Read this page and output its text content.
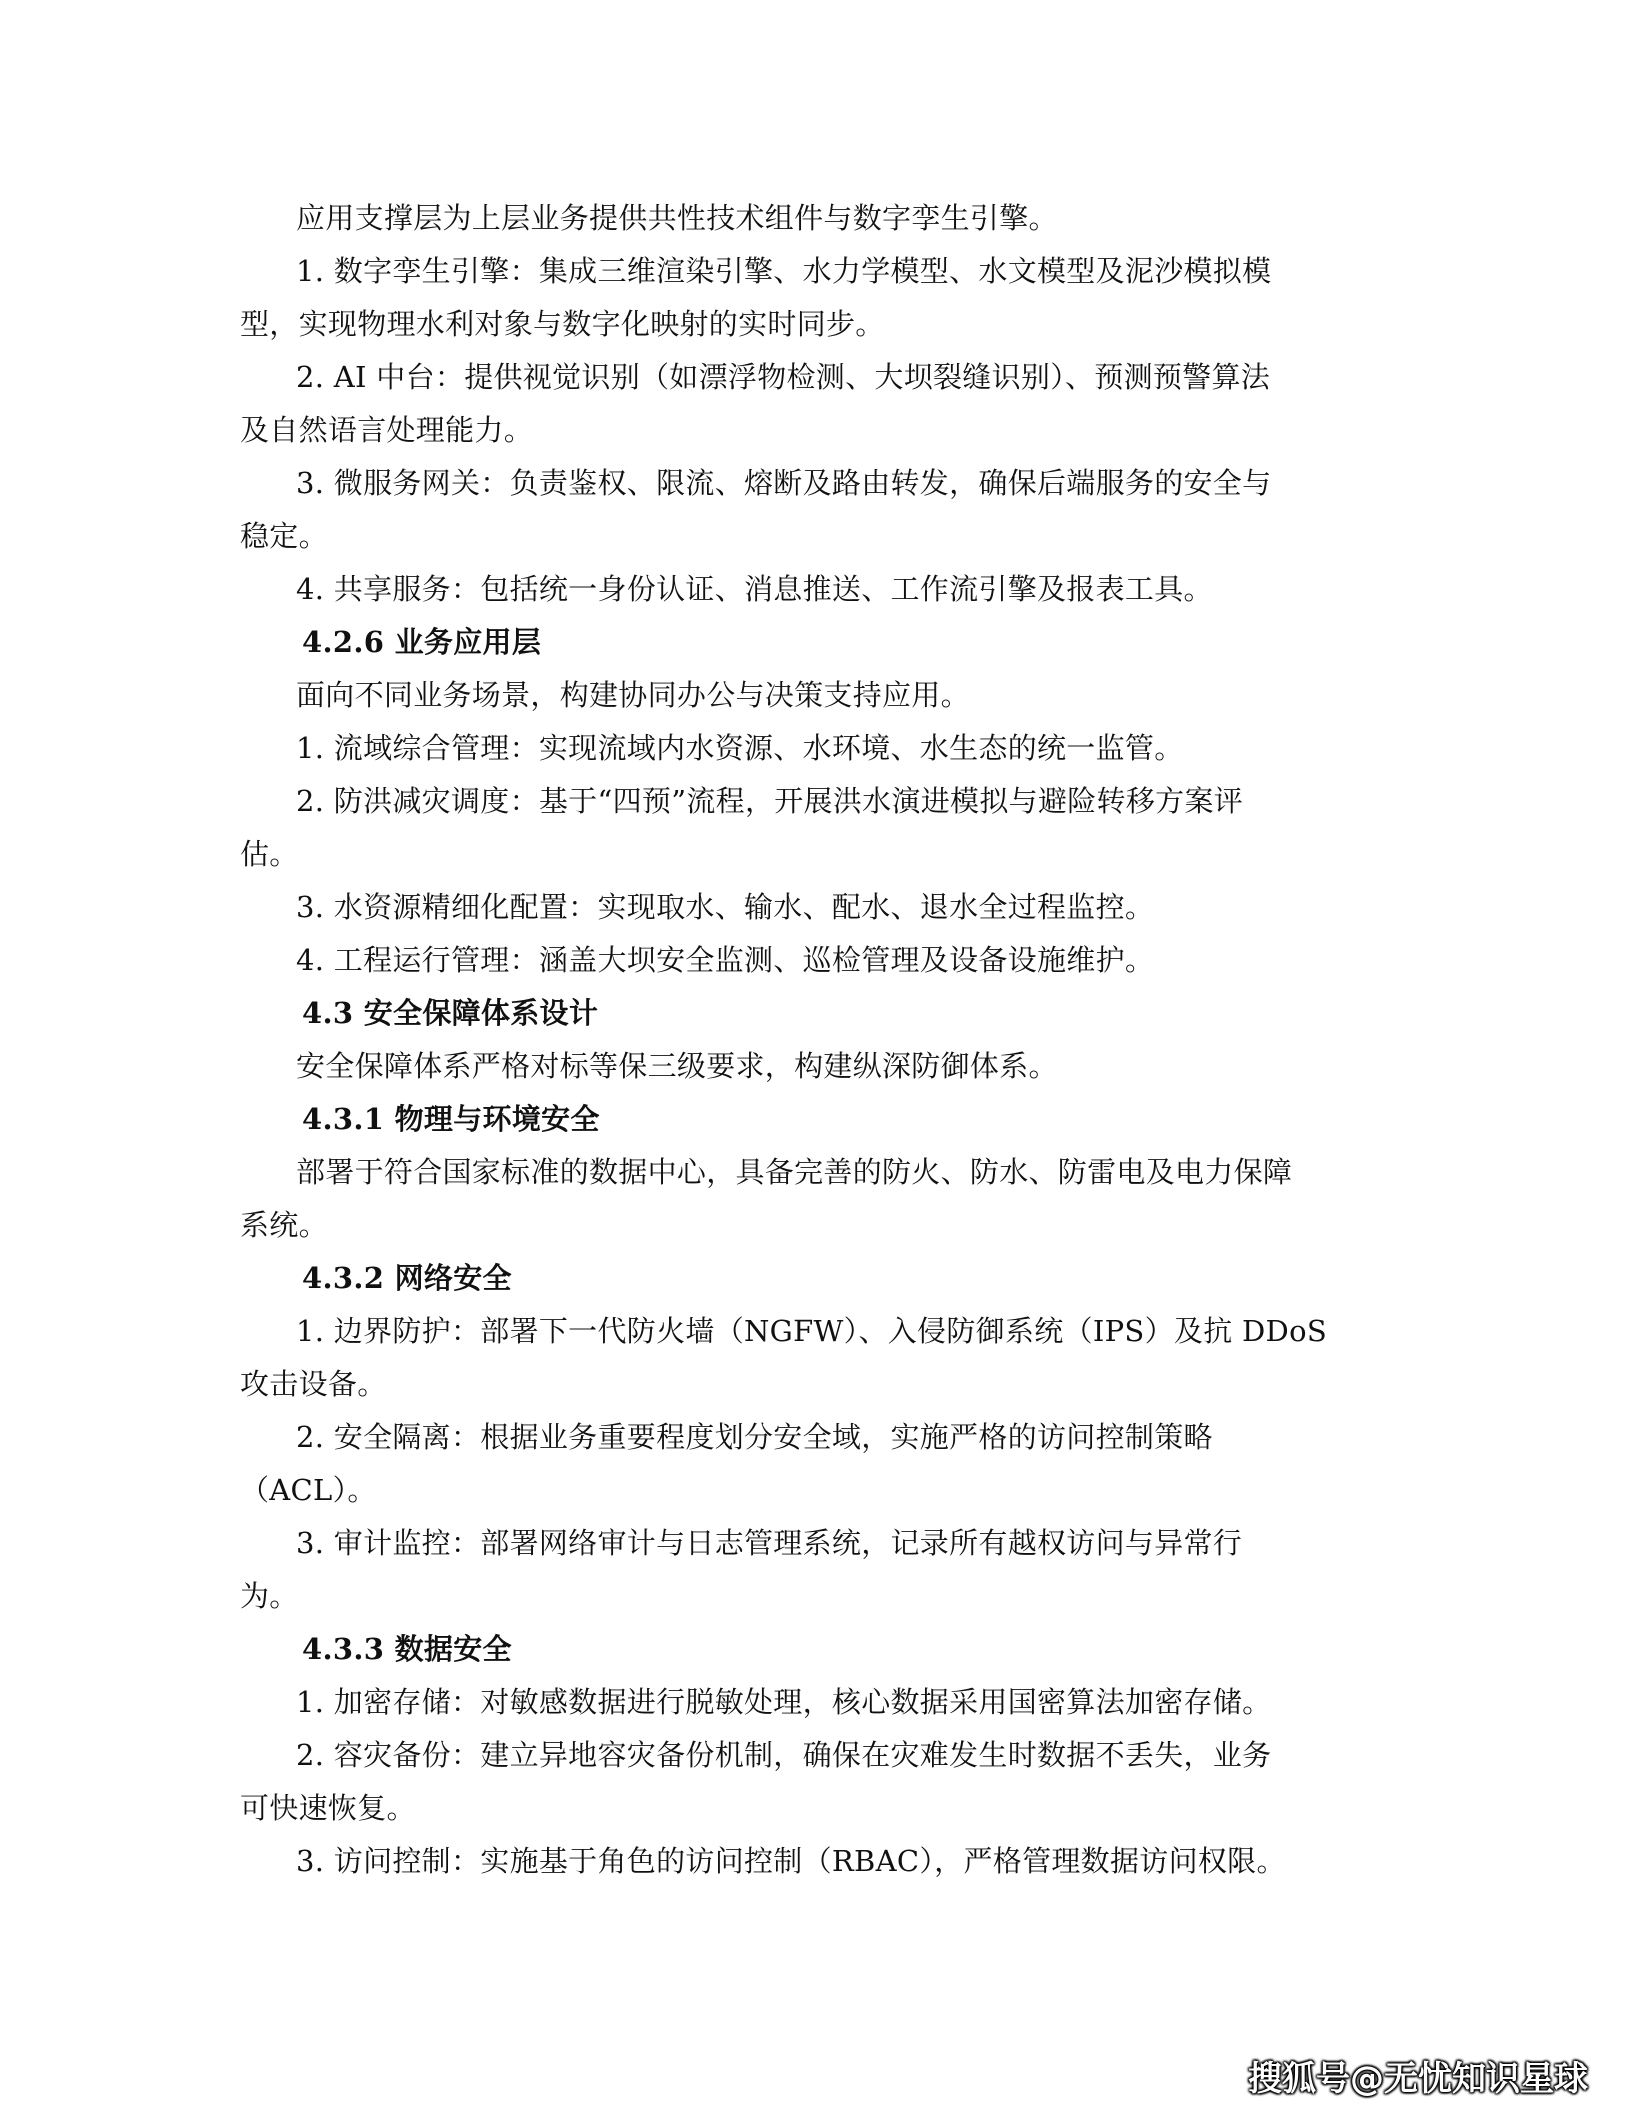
应用支撑层为上层业务提供共性技术组件与数字孪生引擎。
1. 数字孪生引擎：集成三维渲染引擎、水力学模型、水文模型及泥沙模拟模
型，实现物理水利对象与数字化映射的实时同步。
2. AI 中台：提供视觉识别（如漂浮物检测、大坝裂缝识别）、预测预警算法
及自然语言处理能力。
3. 微服务网关：负责鉴权、限流、熔断及路由转发，确保后端服务的安全与
稳定。
4. 共享服务：包括统一身份认证、消息推送、工作流引擎及报表工具。
4.2.6 业务应用层
面向不同业务场景，构建协同办公与决策支持应用。
1. 流域综合管理：实现流域内水资源、水环境、水生态的统一监管。
2. 防洪减灾调度：基于“四预”流程，开展洪水演进模拟与避险转移方案评
估。
3. 水资源精细化配置：实现取水、输水、配水、退水全过程监控。
4. 工程运行管理：涵盖大坝安全监测、巡检管理及设备设施维护。
4.3 安全保障体系设计
安全保障体系严格对标等保三级要求，构建纵深防御体系。
4.3.1 物理与环境安全
部署于符合国家标准的数据中心，具备完善的防火、防水、防雷电及电力保障
系统。
4.3.2 网络安全
1. 边界防护：部署下一代防火墙（NGFW）、入侵防御系统（IPS）及抗 DDoS
攻击设备。
2. 安全隔离：根据业务重要程度划分安全域，实施严格的访问控制策略
（ACL）。
3. 审计监控：部署网络审计与日志管理系统，记录所有越权访问与异常行
为。
4.3.3 数据安全
1. 加密存储：对敏感数据进行脱敏处理，核心数据采用国密算法加密存储。
2. 容灾备份：建立异地容灾备份机制，确保在灾难发生时数据不丢失，业务
可快速恢复。
3. 访问控制：实施基于角色的访问控制（RBAC），严格管理数据访问权限。
搜狐号@无忧知识星球
